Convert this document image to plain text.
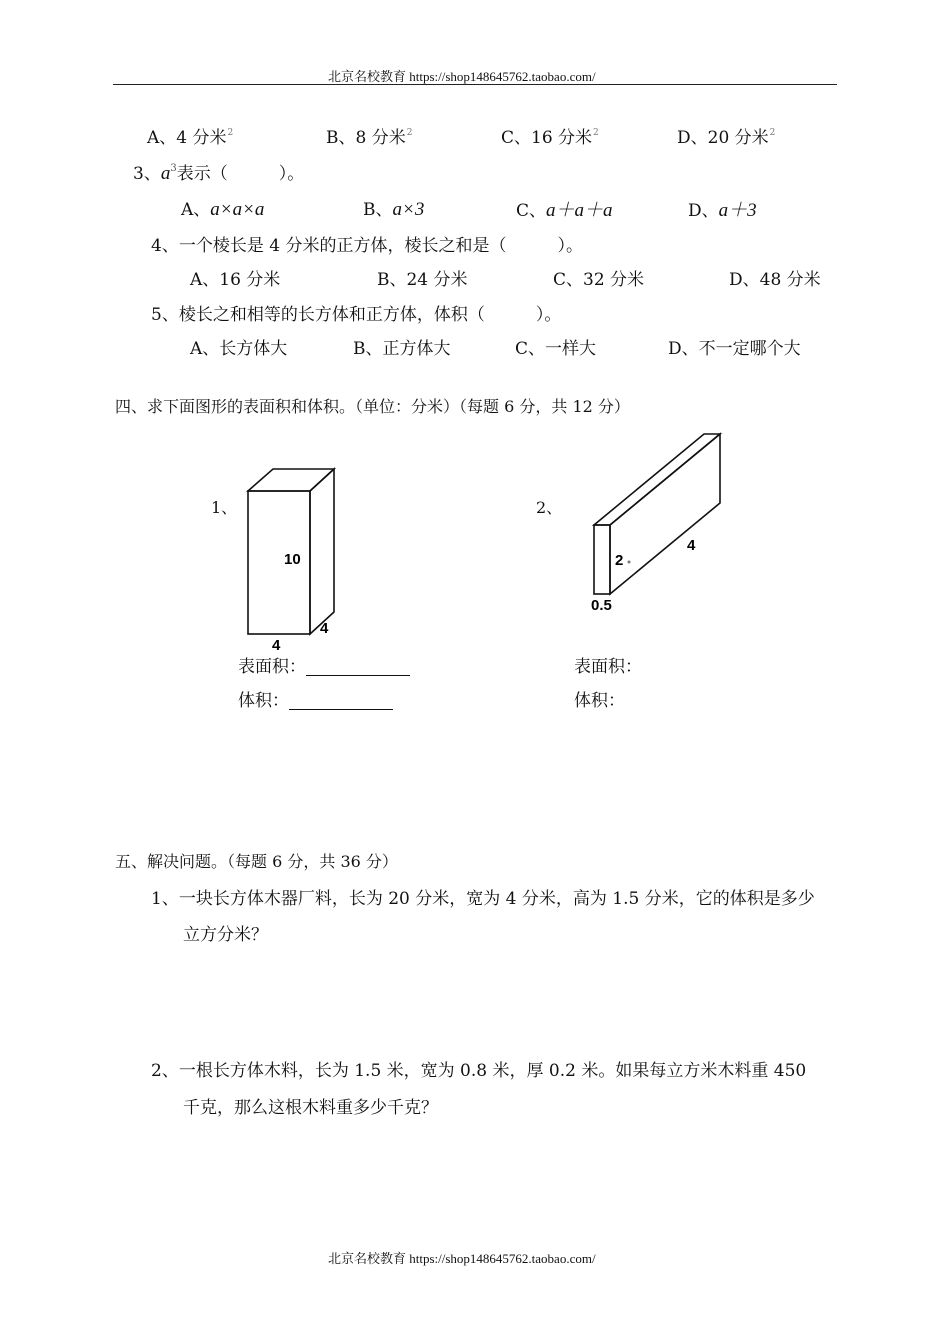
北京名校教育 https://shop148645762.taobao.com/
A、4 分米$^2$	B、8 分米$^2$	C、16 分米$^2$	D、20 分米$^2$
3、$a^3$表示（　　　）。
A、a×a×a	B、a×3	C、a＋a＋a	D、a＋3
4、一个棱长是 4 分米的正方体，棱长之和是（　　　）。
A、16 分米	B、24 分米	C、32 分米	D、48 分米
5、棱长之和相等的长方体和正方体，体积（　　　）。
A、长方体大	B、正方体大	C、一样大	D、不一定哪个大
四、求下面图形的表面积和体积。（单位：分米）（每题 6 分，共 12 分）
1、	2、
10
4
4
2
4
0.5
表面积：
体积：
表面积：
体积：
五、解决问题。（每题 6 分，共 36 分）
1、一块长方体木器厂料，长为 20 分米，宽为 4 分米，高为 1.5 分米，它的体积是多少
立方分米？
2、一根长方体木料，长为 1.5 米，宽为 0.8 米，厚 0.2 米。如果每立方米木料重 450
千克，那么这根木料重多少千克？
北京名校教育 https://shop148645762.taobao.com/
